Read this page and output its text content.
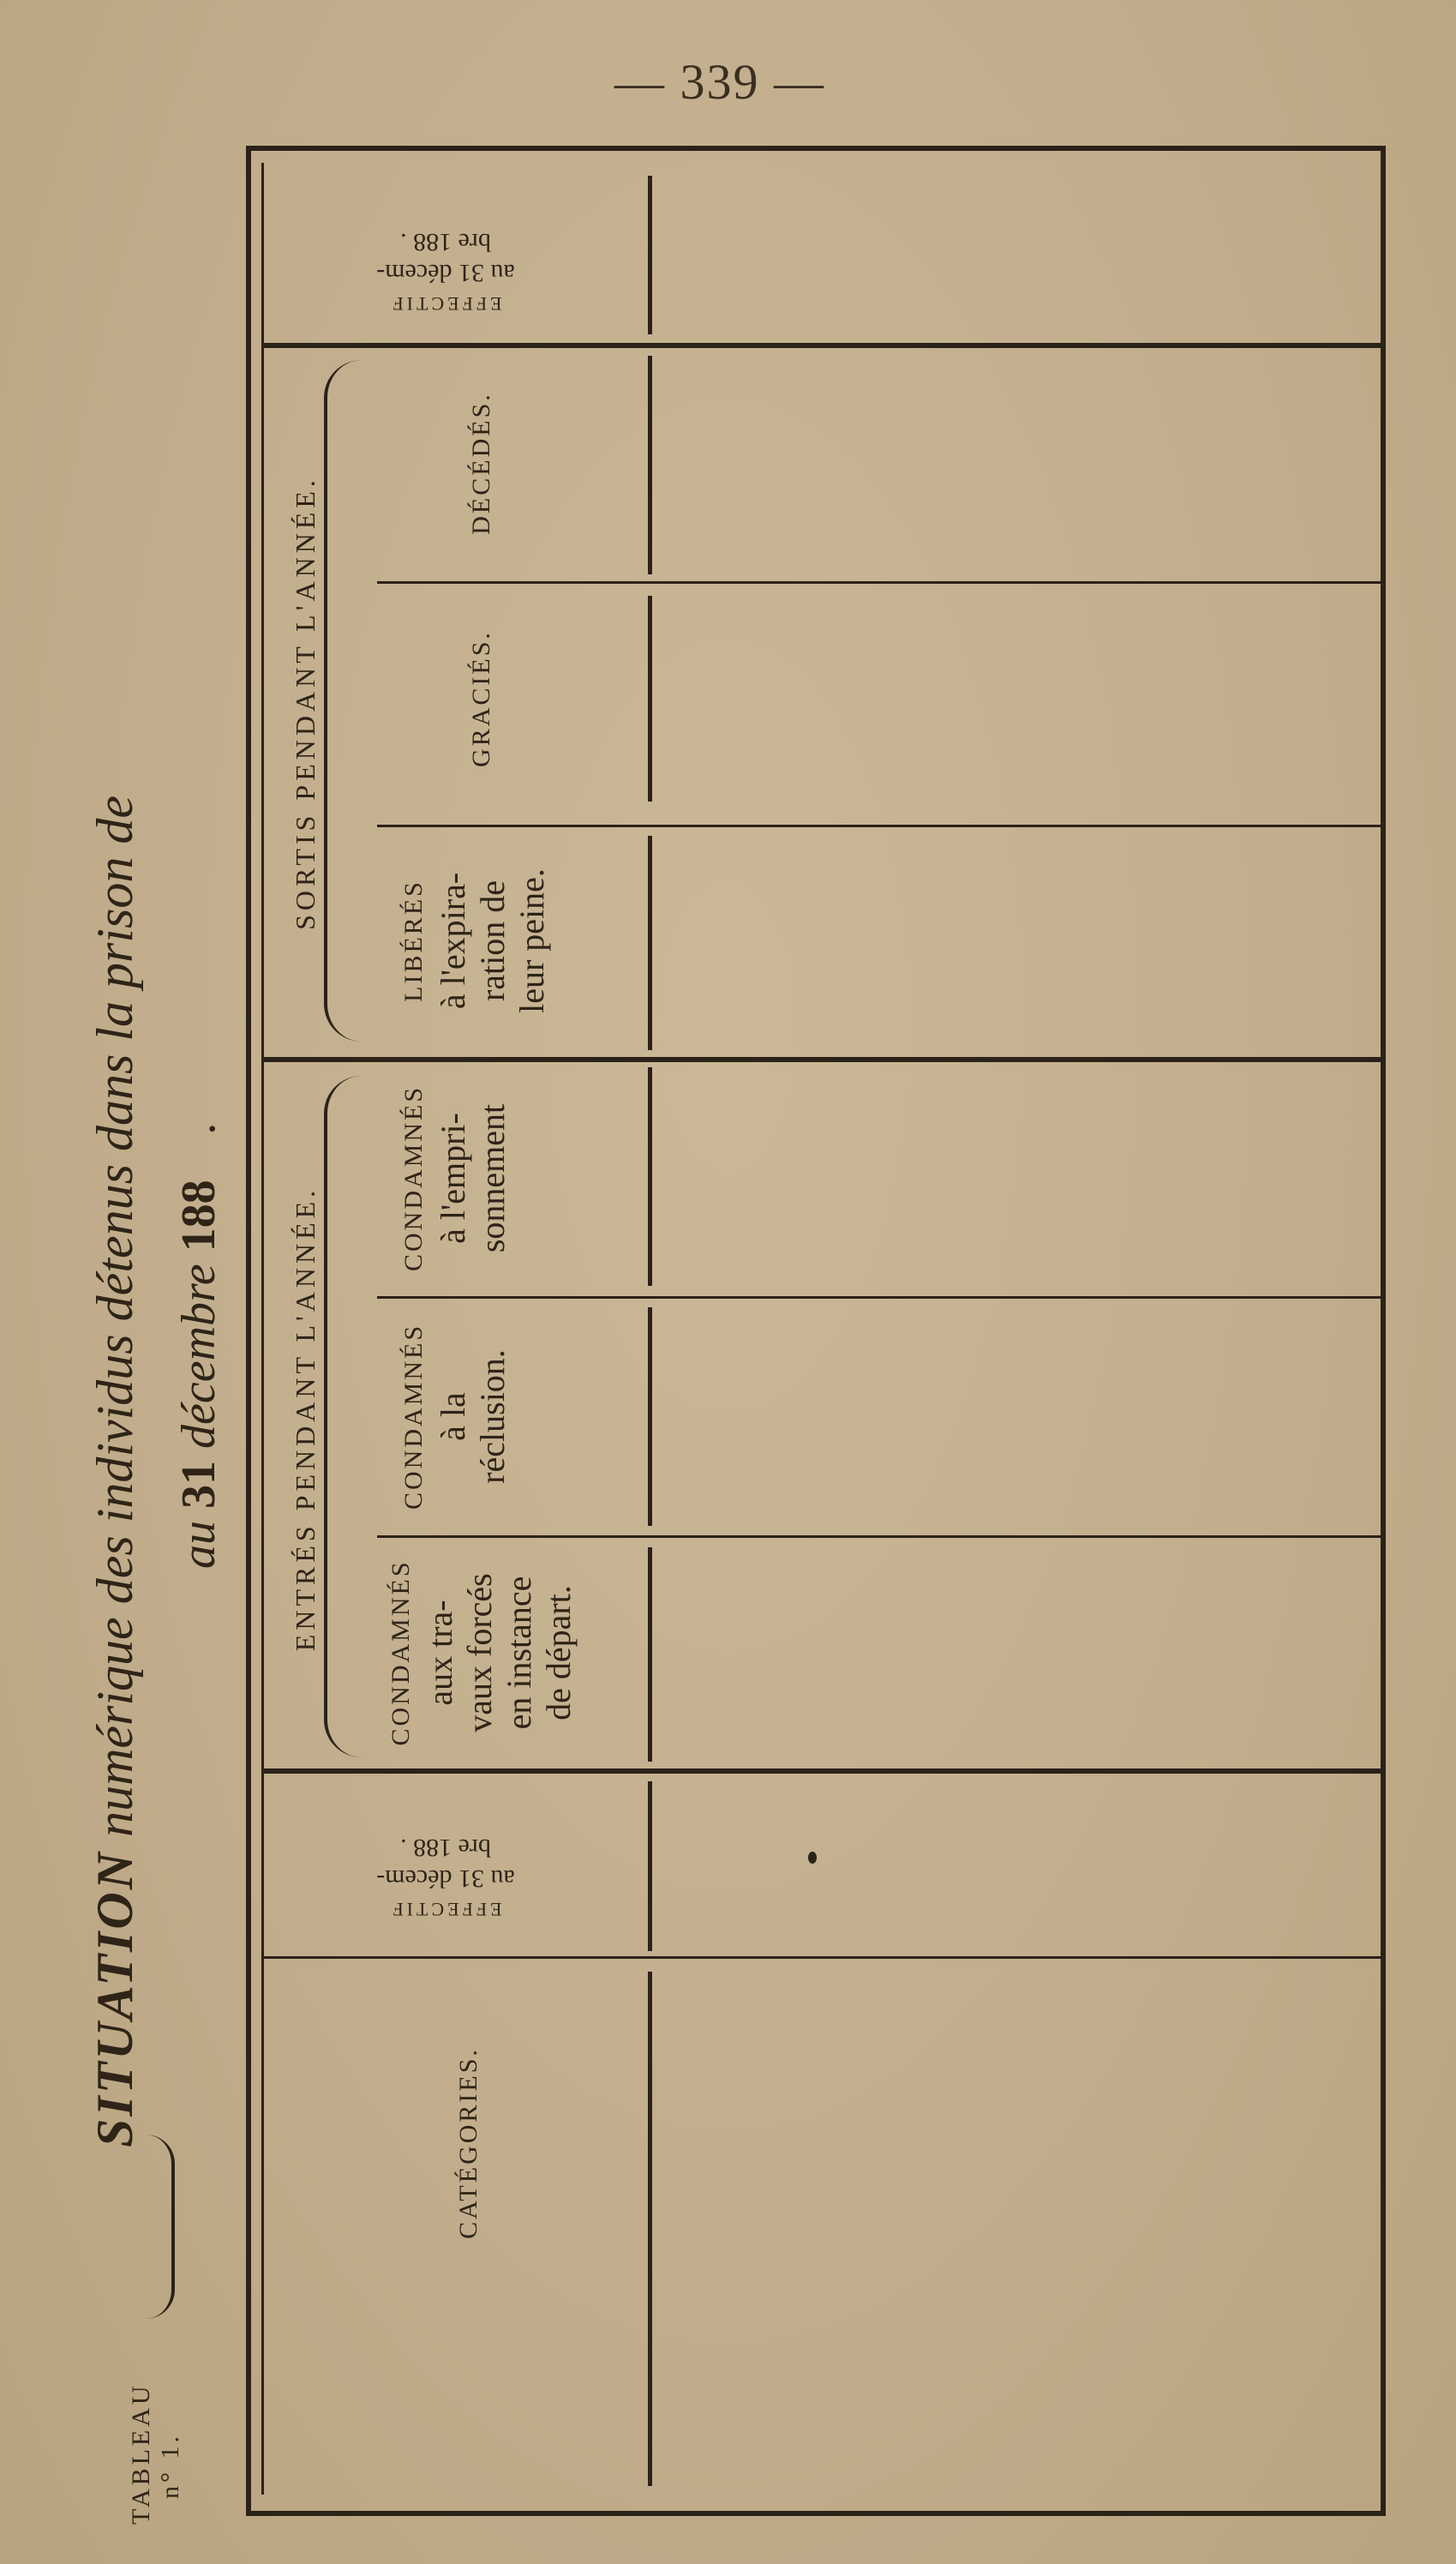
— 339 —
TABLEAU n° 1.
SITUATION numérique des individus détenus dans la prison de au 31 décembre 188 .
EFFECTIF
au 31 décem-
bre 188 .
SORTIS PENDANT L'ANNÉE.
DÉCÉDÉS.
GRACIÉS.
LIBÉRÉS à l'expira- ration de leur peine.
ENTRÉS PENDANT L'ANNÉE.
CONDAMNÉS à l'empri- sonnement
CONDAMNÉS à la réclusion.
CONDAMNÉS aux tra- vaux forcés en instance de départ.
EFFECTIF
au 31 décem-
bre 188 .
CATÉGORIES.
